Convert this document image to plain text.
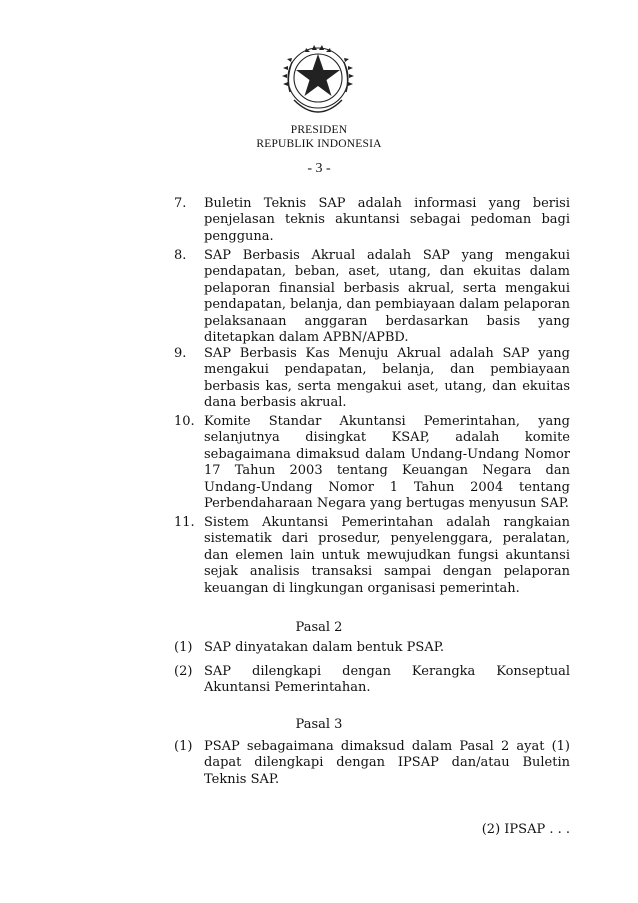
PRESIDEN
REPUBLIK INDONESIA
- 3 -
7. Buletin Teknis SAP adalah informasi yang berisi penjelasan teknis akuntansi sebagai pedoman bagi pengguna.
8. SAP Berbasis Akrual adalah SAP yang mengakui pendapatan, beban, aset, utang, dan ekuitas dalam pelaporan finansial berbasis akrual, serta mengakui pendapatan, belanja, dan pembiayaan dalam pelaporan pelaksanaan anggaran berdasarkan basis yang ditetapkan dalam APBN/APBD.
9. SAP Berbasis Kas Menuju Akrual adalah SAP yang mengakui pendapatan, belanja, dan pembiayaan berbasis kas, serta mengakui aset, utang, dan ekuitas dana berbasis akrual.
10. Komite Standar Akuntansi Pemerintahan, yang selanjutnya disingkat KSAP, adalah komite sebagaimana dimaksud dalam Undang-Undang Nomor 17 Tahun 2003 tentang Keuangan Negara dan Undang-Undang Nomor 1 Tahun 2004 tentang Perbendaharaan Negara yang bertugas menyusun SAP.
11. Sistem Akuntansi Pemerintahan adalah rangkaian sistematik dari prosedur, penyelenggara, peralatan, dan elemen lain untuk mewujudkan fungsi akuntansi sejak analisis transaksi sampai dengan pelaporan keuangan di lingkungan organisasi pemerintah.
Pasal 2
(1) SAP dinyatakan dalam bentuk PSAP.
(2) SAP dilengkapi dengan Kerangka Konseptual Akuntansi Pemerintahan.
Pasal 3
(1) PSAP sebagaimana dimaksud dalam Pasal 2 ayat (1) dapat dilengkapi dengan IPSAP dan/atau Buletin Teknis SAP.
(2) IPSAP . . .
